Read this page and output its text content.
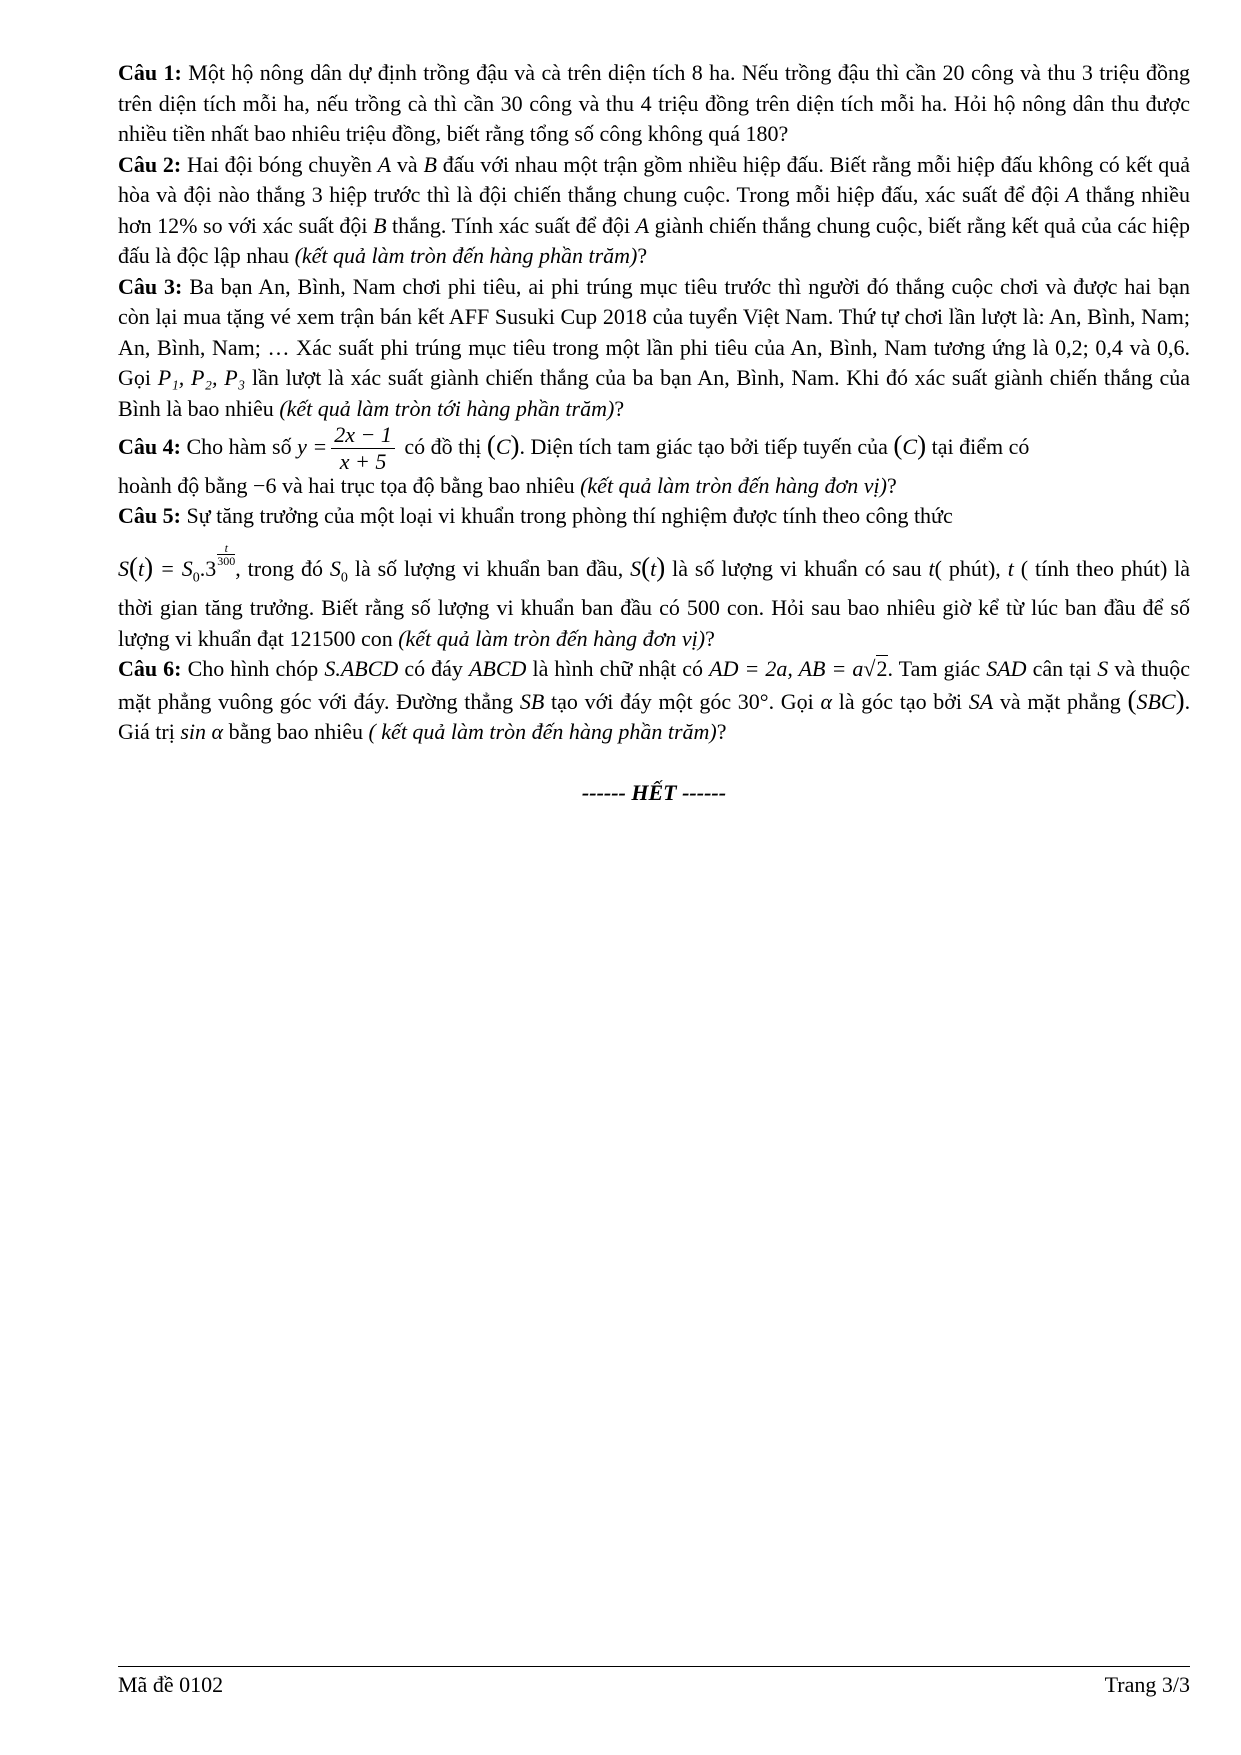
Câu 1: Một hộ nông dân dự định trồng đậu và cà trên diện tích 8 ha. Nếu trồng đậu thì cần 20 công và thu 3 triệu đồng trên diện tích mỗi ha, nếu trồng cà thì cần 30 công và thu 4 triệu đồng trên diện tích mỗi ha. Hỏi hộ nông dân thu được nhiều tiền nhất bao nhiêu triệu đồng, biết rằng tổng số công không quá 180?

Câu 2: Hai đội bóng chuyền A và B đấu với nhau một trận gồm nhiều hiệp đấu. Biết rằng mỗi hiệp đấu không có kết quả hòa và đội nào thắng 3 hiệp trước thì là đội chiến thắng chung cuộc. Trong mỗi hiệp đấu, xác suất để đội A thắng nhiều hơn 12% so với xác suất đội B thắng. Tính xác suất để đội A giành chiến thắng chung cuộc, biết rằng kết quả của các hiệp đấu là độc lập nhau (kết quả làm tròn đến hàng phần trăm)?

Câu 3: Ba bạn An, Bình, Nam chơi phi tiêu, ai phi trúng mục tiêu trước thì người đó thắng cuộc chơi và được hai bạn còn lại mua tặng vé xem trận bán kết AFF Susuki Cup 2018 của tuyển Việt Nam. Thứ tự chơi lần lượt là: An, Bình, Nam; An, Bình, Nam; … Xác suất phi trúng mục tiêu trong một lần phi tiêu của An, Bình, Nam tương ứng là 0,2; 0,4 và 0,6. Gọi P₁, P₂, P₃ lần lượt là xác suất giành chiến thắng của ba bạn An, Bình, Nam. Khi đó xác suất giành chiến thắng của Bình là bao nhiêu (kết quả làm tròn tới hàng phần trăm)?

Câu 4: Cho hàm số $y = \frac{2x - 1}{x + 5}$ có đồ thị (C). Diện tích tam giác tạo bởi tiếp tuyến của (C) tại điểm có
hoành độ bằng −6 và hai trục tọa độ bằng bao nhiêu (kết quả làm tròn đến hàng đơn vị)?

Câu 5: Sự tăng trưởng của một loại vi khuẩn trong phòng thí nghiệm được tính theo công thức
$S(t) = S_0.3$
$\frac{t}{300}$
, trong đó $S_0$ là số lượng vi khuẩn ban đầu, S(t) là số lượng vi khuẩn có sau t( phút), t ( tính theo phút) là thời gian tăng trưởng. Biết rằng số lượng vi khuẩn ban đầu có 500 con. Hỏi sau bao nhiêu giờ kể từ lúc ban đầu để số lượng vi khuẩn đạt 121500 con (kết quả làm tròn đến hàng đơn vị)?

Câu 6: Cho hình chóp S.ABCD có đáy ABCD là hình chữ nhật có AD = 2a, AB = a√2. Tam giác SAD cân tại S và thuộc mặt phẳng vuông góc với đáy. Đường thẳng SB tạo với đáy một góc 30°. Gọi α là góc tạo bởi SA và mặt phẳng (SBC). Giá trị sin α bằng bao nhiêu ( kết quả làm tròn đến hàng phần trăm)?

------ HẾT ------

Mã đề 0102	Trang 3/3
